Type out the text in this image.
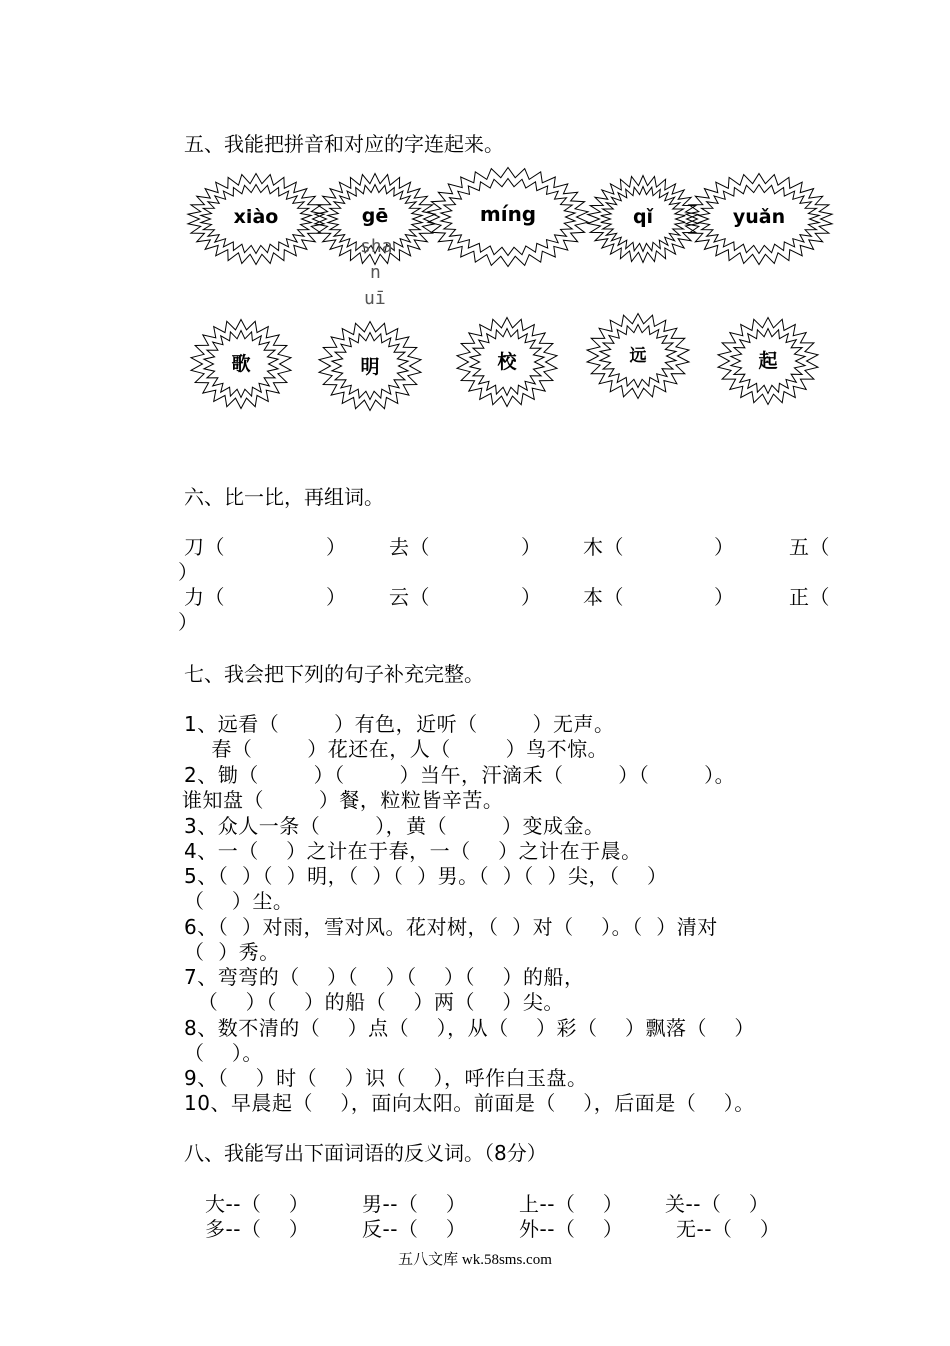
五、我能把拼音和对应的字连起来。
xiào	gē	míng	qǐ	yuǎn
sha
n
uī
歌	明	校	远	起
六、比一比，再组词。
刀（	） 去（	） 木（	）	五（
）
力（	） 云（	） 本（	）	正（
）
七、我会把下列的句子补充完整。
1、远看（        ）有色，近听（        ）无声。
春（        ）花还在，人（        ）鸟不惊。
2、锄（        ）（        ）当午，汗滴禾（        ）（        ）。
谁知盘（        ）餐，粒粒皆辛苦。
3、众人一条（        ），黄（        ）变成金。
4、一（    ）之计在于春，一（    ）之计在于晨。
5、（  ）（  ）明，（  ）（  ）男。（  ）（  ）尖，（    ）
（    ）尘。
6、（  ）对雨，雪对风。花对树，（  ）对（    ）。（  ）清对
（  ）秀。
7、弯弯的（    ）（    ）（    ）（    ）的船，
（    ）（    ）的船（    ）两（    ）尖。
8、数不清的（    ）点（    ），从（    ）彩（    ）飘落（    ）
（    ）。
9、（    ）时（    ）识（    ），呼作白玉盘。
10、早晨起（    ），面向太阳。前面是（    ），后面是（    ）。
八、我能写出下面词语的反义词。（8分）
大--（    ）	男--（    ）	上--（    ） 关--（    ）
多--（    ）	反--（    ）	外--（    ）	无--（    ）
五八文库 wk.58sms.com
